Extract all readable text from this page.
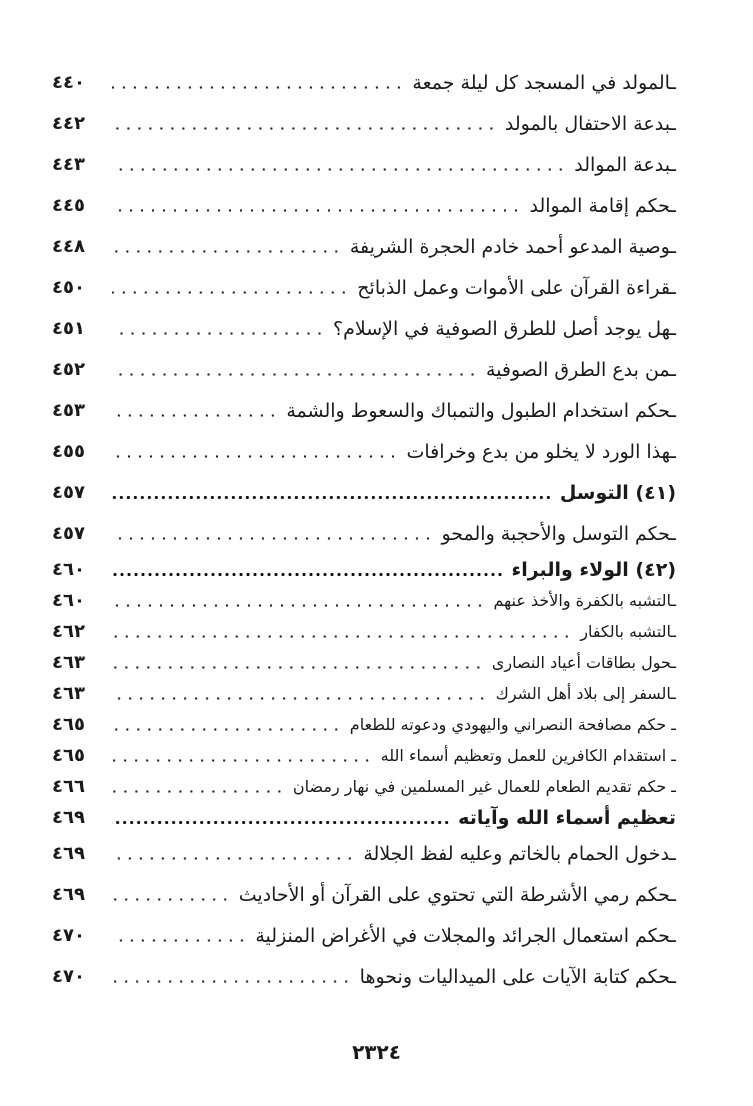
ـالمولد في المسجد كل ليلة جمعة
٤٤٠
ـبدعة الاحتفال بالمولد
٤٤٢
ـبدعة الموالد
٤٤٣
ـحكم إقامة الموالد
٤٤٥
ـوصية المدعو أحمد خادم الحجرة الشريفة
٤٤٨
ـقراءة القرآن على الأموات وعمل الذبائح
٤٥٠
ـهل يوجد أصل للطرق الصوفية في الإسلام؟
٤٥١
ـمن بدع الطرق الصوفية
٤٥٢
ـحكم استخدام الطبول والتمباك والسعوط والشمة
٤٥٣
ـهذا الورد لا يخلو من بدع وخرافات
٤٥٥
(٤١) التوسل
٤٥٧
ـحكم التوسل والأحجبة والمحو
٤٥٧
(٤٢) الولاء والبراء
٤٦٠
ـالتشبه بالكفرة والأخذ عنهم
٤٦٠
ـالتشبه بالكفار
٤٦٢
ـحول بطاقات أعياد النصارى
٤٦٣
ـالسفر إلى بلاد أهل الشرك
٤٦٣
ـ حكم مصافحة النصراني واليهودي ودعوته للطعام
٤٦٥
ـ استقدام الكافرين للعمل وتعظيم أسماء الله
٤٦٥
ـ حكم تقديم الطعام للعمال غير المسلمين في نهار رمضان
٤٦٦
تعظيم أسماء الله وآياته
٤٦٩
ـدخول الحمام بالخاتم وعليه لفظ الجلالة
٤٦٩
ـحكم رمي الأشرطة التي تحتوي على القرآن أو الأحاديث
٤٦٩
ـحكم استعمال الجرائد والمجلات في الأغراض المنزلية
٤٧٠
ـحكم كتابة الآيات على الميداليات ونحوها
٤٧٠
٢٣٢٤
